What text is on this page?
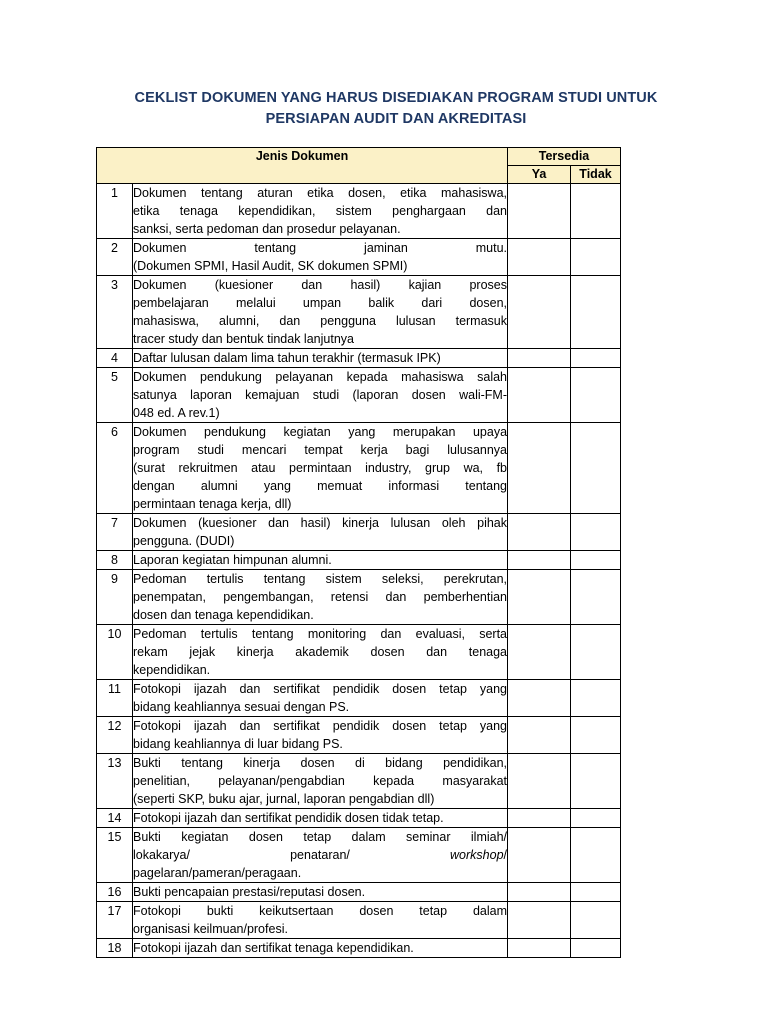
CEKLIST DOKUMEN YANG HARUS DISEDIAKAN PROGRAM STUDI UNTUK
PERSIAPAN AUDIT DAN AKREDITASI
Jenis Dokumen		Tersedia	
		Ya	Tidak
1	Dokumen tentang aturan etika dosen, etika mahasiswa,
etika tenaga kependidikan, sistem penghargaan dan
sanksi, serta pedoman dan prosedur pelayanan.		

2	Dokumen tentang jaminan mutu.
(Dokumen SPMI, Hasil Audit, SK dokumen SPMI)		

3	Dokumen (kuesioner dan hasil) kajian proses
pembelajaran melalui umpan balik dari dosen,
mahasiswa, alumni, dan pengguna lulusan termasuk
tracer study dan bentuk tindak lanjutnya		

4	Daftar lulusan dalam lima tahun terakhir (termasuk IPK)		

5	Dokumen pendukung pelayanan kepada mahasiswa salah
satunya laporan kemajuan studi (laporan dosen wali-FM-
048 ed. A rev.1)		

6	Dokumen pendukung kegiatan yang merupakan upaya
program studi mencari tempat kerja bagi lulusannya
(surat rekruitmen atau permintaan industry, grup wa, fb
dengan alumni yang memuat informasi tentang
permintaan tenaga kerja, dll)		

7	Dokumen (kuesioner dan hasil) kinerja lulusan oleh pihak
pengguna. (DUDI)		

8	Laporan kegiatan himpunan alumni.		

9	Pedoman tertulis tentang sistem seleksi, perekrutan,
penempatan, pengembangan, retensi dan pemberhentian
dosen dan tenaga kependidikan.		

10	Pedoman tertulis tentang monitoring dan evaluasi, serta
rekam jejak kinerja akademik dosen dan tenaga
kependidikan.		

11	Fotokopi ijazah dan sertifikat pendidik dosen tetap yang
bidang keahliannya sesuai dengan PS.		

12	Fotokopi ijazah dan sertifikat pendidik dosen tetap yang
bidang keahliannya di luar bidang PS.		

13	Bukti tentang kinerja dosen di bidang pendidikan,
penelitian, pelayanan/pengabdian kepada masyarakat
(seperti SKP, buku ajar, jurnal, laporan pengabdian dll)		

14	Fotokopi ijazah dan sertifikat pendidik dosen tidak tetap.		

15	Bukti kegiatan dosen tetap dalam seminar ilmiah/
lokakarya/ penataran/ workshop/
pagelaran/pameran/peragaan.		

16	Bukti pencapaian prestasi/reputasi dosen.		

17	Fotokopi bukti keikutsertaan dosen tetap dalam
organisasi keilmuan/profesi.		

18	Fotokopi ijazah dan sertifikat tenaga kependidikan.		
